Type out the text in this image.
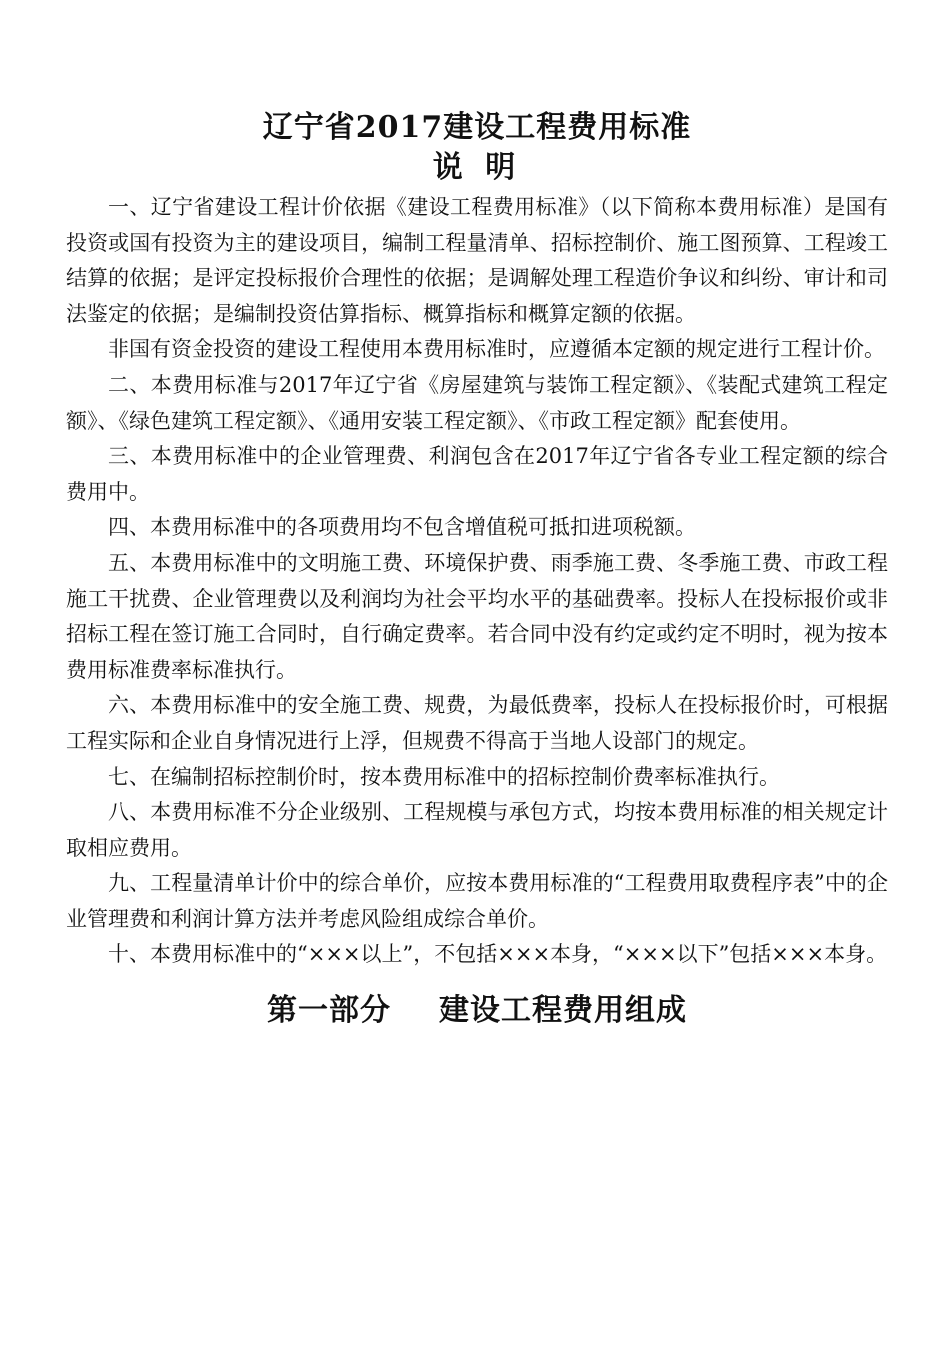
辽宁省2017建设工程费用标准
说 明

一、辽宁省建设工程计价依据《建设工程费用标准》（以下简称本费用标准）是国有投资或国有投资为主的建设项目，编制工程量清单、招标控制价、施工图预算、工程竣工结算的依据；是评定投标报价合理性的依据；是调解处理工程造价争议和纠纷、审计和司法鉴定的依据；是编制投资估算指标、概算指标和概算定额的依据。

非国有资金投资的建设工程使用本费用标准时，应遵循本定额的规定进行工程计价。

二、本费用标准与2017年辽宁省《房屋建筑与装饰工程定额》、《装配式建筑工程定额》、《绿色建筑工程定额》、《通用安装工程定额》、《市政工程定额》配套使用。

三、本费用标准中的企业管理费、利润包含在2017年辽宁省各专业工程定额的综合费用中。

四、本费用标准中的各项费用均不包含增值税可抵扣进项税额。

五、本费用标准中的文明施工费、环境保护费、雨季施工费、冬季施工费、市政工程施工干扰费、企业管理费以及利润均为社会平均水平的基础费率。投标人在投标报价或非招标工程在签订施工合同时，自行确定费率。若合同中没有约定或约定不明时，视为按本费用标准费率标准执行。

六、本费用标准中的安全施工费、规费，为最低费率，投标人在投标报价时，可根据工程实际和企业自身情况进行上浮，但规费不得高于当地人设部门的规定。

七、在编制招标控制价时，按本费用标准中的招标控制价费率标准执行。

八、本费用标准不分企业级别、工程规模与承包方式，均按本费用标准的相关规定计取相应费用。

九、工程量清单计价中的综合单价，应按本费用标准的“工程费用取费程序表”中的企业管理费和利润计算方法并考虑风险组成综合单价。

十、本费用标准中的“×××以上”，不包括×××本身，“×××以下”包括×××本身。

第一部分 建设工程费用组成
